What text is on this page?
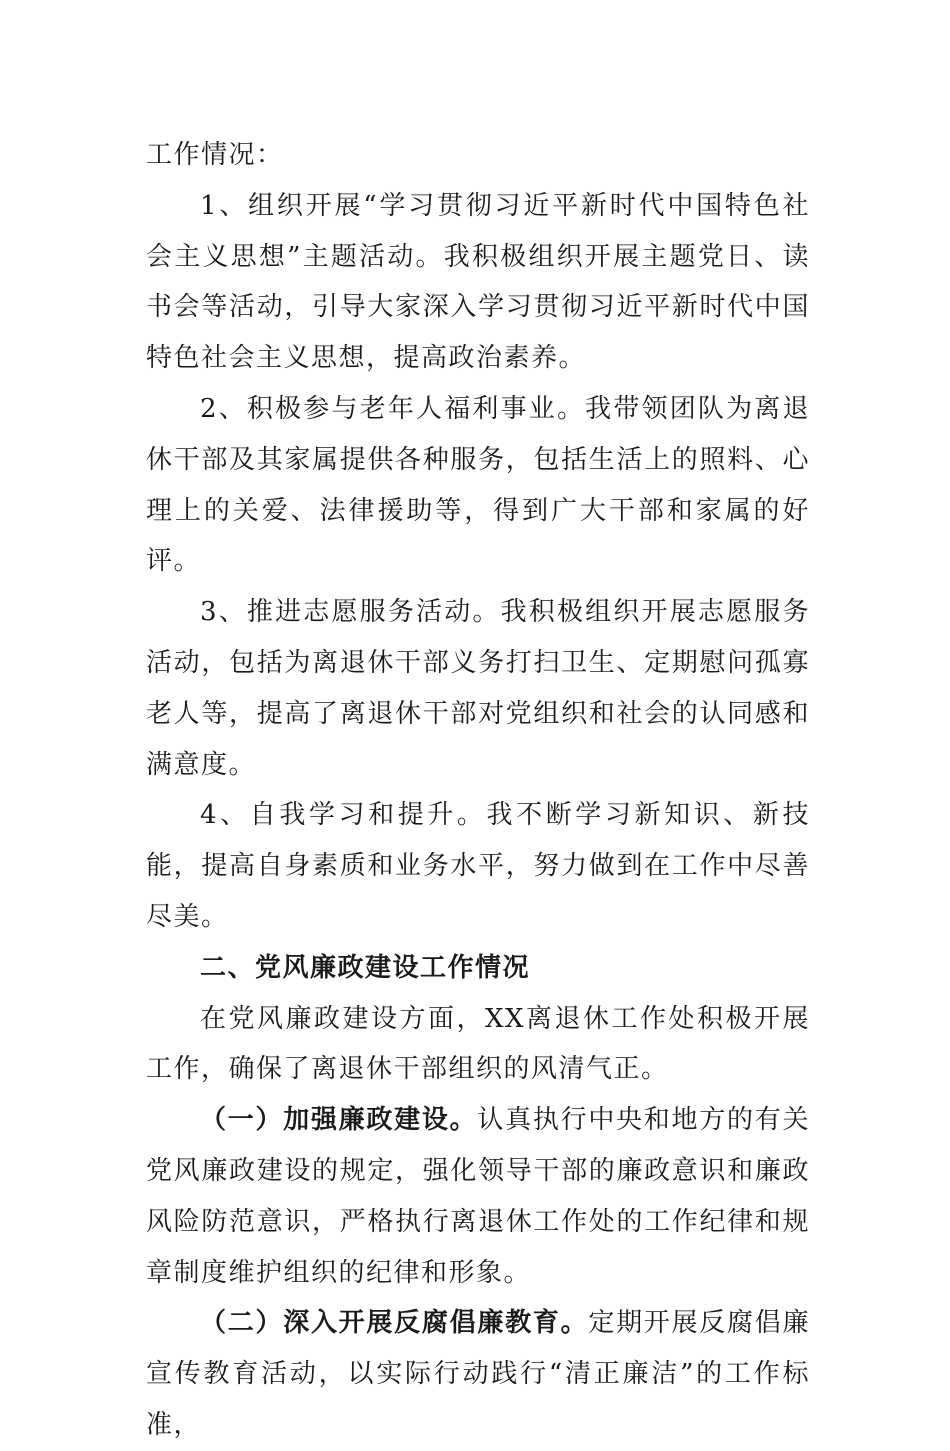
工作情况：

1、组织开展“学习贯彻习近平新时代中国特色社会主义思想”主题活动。我积极组织开展主题党日、读书会等活动，引导大家深入学习贯彻习近平新时代中国特色社会主义思想，提高政治素养。

2、积极参与老年人福利事业。我带领团队为离退休干部及其家属提供各种服务，包括生活上的照料、心理上的关爱、法律援助等，得到广大干部和家属的好评。

3、推进志愿服务活动。我积极组织开展志愿服务活动，包括为离退休干部义务打扫卫生、定期慰问孤寡老人等，提高了离退休干部对党组织和社会的认同感和满意度。

4、自我学习和提升。我不断学习新知识、新技能，提高自身素质和业务水平，努力做到在工作中尽善尽美。

二、党风廉政建设工作情况

在党风廉政建设方面，XX离退休工作处积极开展工作，确保了离退休干部组织的风清气正。

（一）加强廉政建设。认真执行中央和地方的有关党风廉政建设的规定，强化领导干部的廉政意识和廉政风险防范意识，严格执行离退休工作处的工作纪律和规章制度维护组织的纪律和形象。

（二）深入开展反腐倡廉教育。定期开展反腐倡廉宣传教育活动，以实际行动践行“清正廉洁”的工作标准，
